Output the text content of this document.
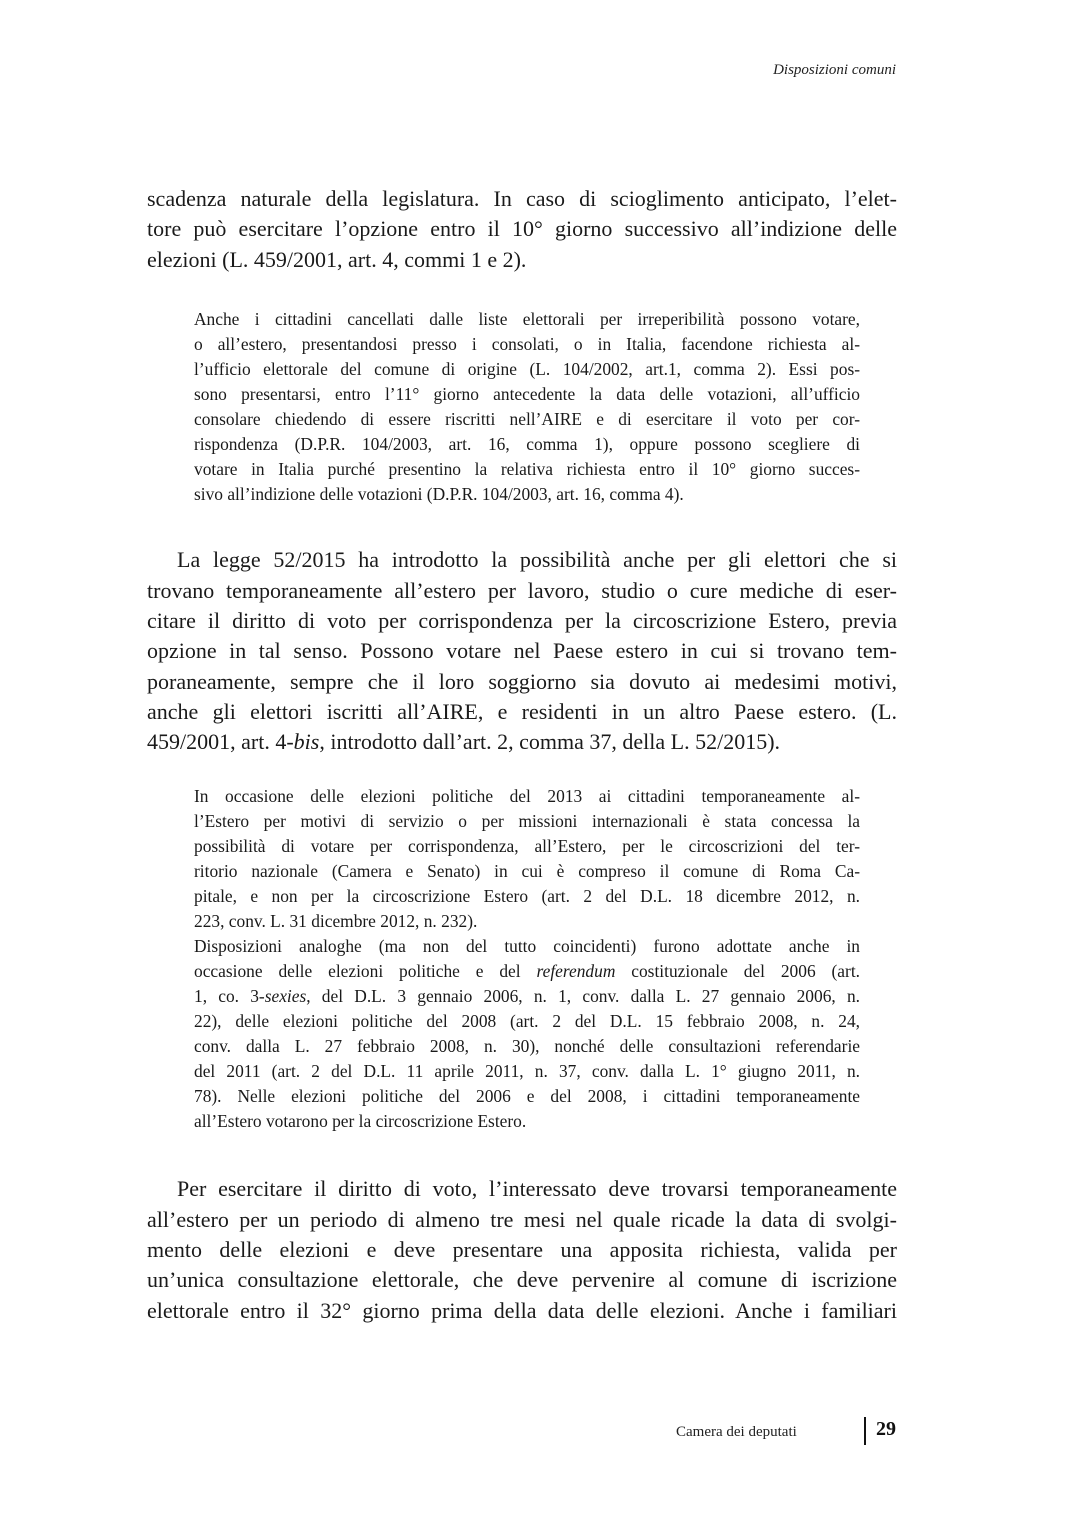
Disposizioni comuni
scadenza naturale della legislatura. In caso di scioglimento anticipato, l’elet-
tore può esercitare l’opzione entro il 10° giorno successivo all’indizione delle
elezioni (L. 459/2001, art. 4, commi 1 e 2).
Anche i cittadini cancellati dalle liste elettorali per irreperibilità possono votare,
o all’estero, presentandosi presso i consolati, o in Italia, facendone richiesta al-
l’ufficio elettorale del comune di origine (L. 104/2002, art.1, comma 2). Essi pos-
sono presentarsi, entro l’11° giorno antecedente la data delle votazioni, all’ufficio
consolare chiedendo di essere riscritti nell’AIRE e di esercitare il voto per cor-
rispondenza (D.P.R. 104/2003, art. 16, comma 1), oppure possono scegliere di
votare in Italia purché presentino la relativa richiesta entro il 10° giorno succes-
sivo all’indizione delle votazioni (D.P.R. 104/2003, art. 16, comma 4).
La legge 52/2015 ha introdotto la possibilità anche per gli elettori che si
trovano temporaneamente all’estero per lavoro, studio o cure mediche di eser-
citare il diritto di voto per corrispondenza per la circoscrizione Estero, previa
opzione in tal senso. Possono votare nel Paese estero in cui si trovano tem-
poraneamente, sempre che il loro soggiorno sia dovuto ai medesimi motivi,
anche gli elettori iscritti all’AIRE, e residenti in un altro Paese estero. (L.
459/2001, art. 4-bis, introdotto dall’art. 2, comma 37, della L. 52/2015).
In occasione delle elezioni politiche del 2013 ai cittadini temporaneamente al-
l’Estero per motivi di servizio o per missioni internazionali è stata concessa la
possibilità di votare per corrispondenza, all’Estero, per le circoscrizioni del ter-
ritorio nazionale (Camera e Senato) in cui è compreso il comune di Roma Ca-
pitale, e non per la circoscrizione Estero (art. 2 del D.L. 18 dicembre 2012, n.
223, conv. L. 31 dicembre 2012, n. 232).
Disposizioni analoghe (ma non del tutto coincidenti) furono adottate anche in
occasione delle elezioni politiche e del referendum costituzionale del 2006 (art.
1, co. 3-sexies, del D.L. 3 gennaio 2006, n. 1, conv. dalla L. 27 gennaio 2006, n.
22), delle elezioni politiche del 2008 (art. 2 del D.L. 15 febbraio 2008, n. 24,
conv. dalla L. 27 febbraio 2008, n. 30), nonché delle consultazioni referendarie
del 2011 (art. 2 del D.L. 11 aprile 2011, n. 37, conv. dalla L. 1° giugno 2011, n.
78). Nelle elezioni politiche del 2006 e del 2008, i cittadini temporaneamente
all’Estero votarono per la circoscrizione Estero.
Per esercitare il diritto di voto, l’interessato deve trovarsi temporaneamente
all’estero per un periodo di almeno tre mesi nel quale ricade la data di svolgi-
mento delle elezioni e deve presentare una apposita richiesta, valida per
un’unica consultazione elettorale, che deve pervenire al comune di iscrizione
elettorale entro il 32° giorno prima della data delle elezioni. Anche i familiari
Camera dei deputati	29
